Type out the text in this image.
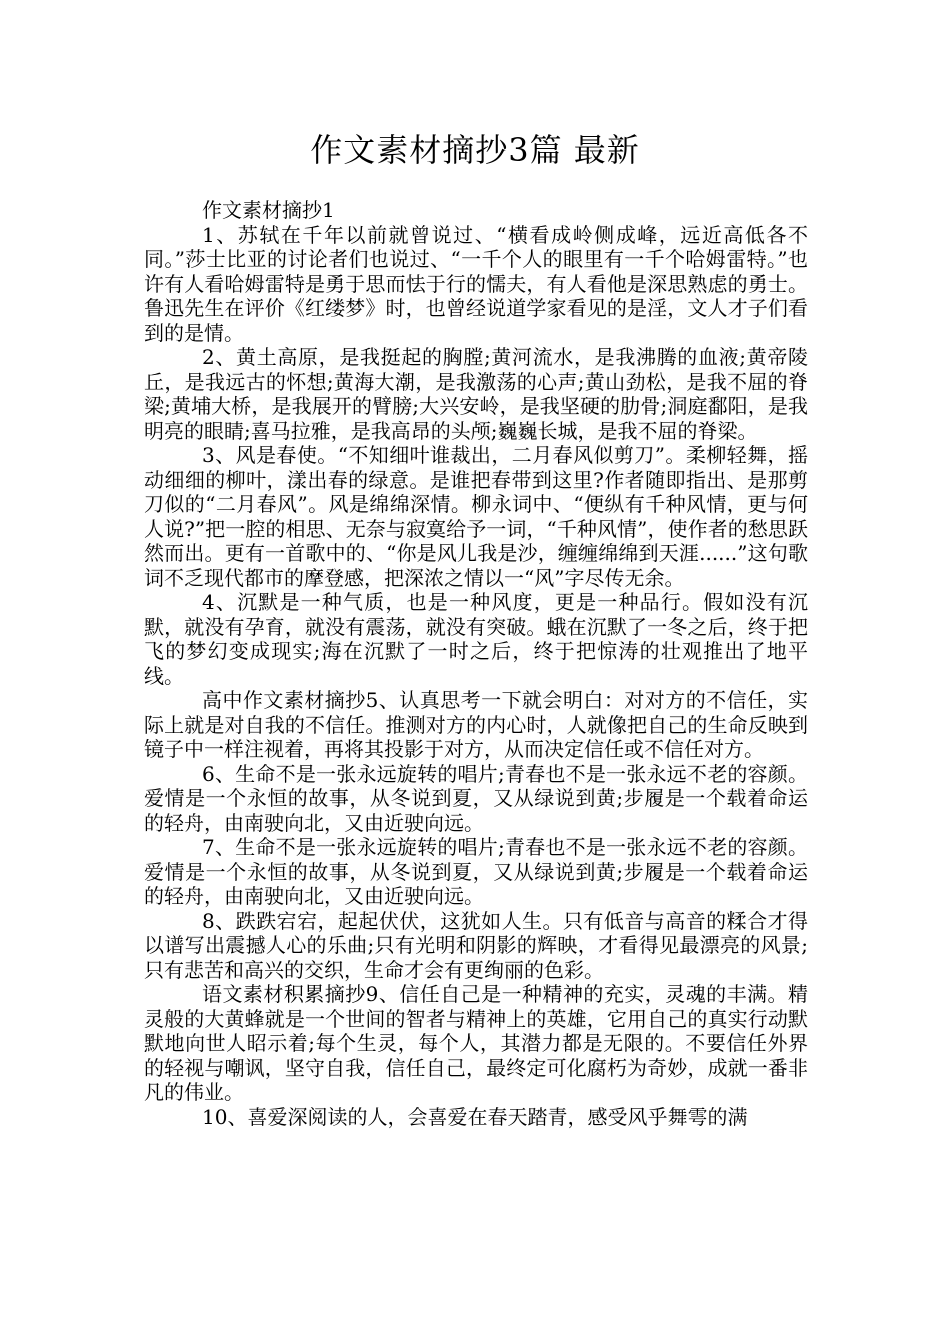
作文素材摘抄3篇 最新

作文素材摘抄1

1、苏轼在千年以前就曾说过、“横看成岭侧成峰，远近高低各不同。”莎士比亚的讨论者们也说过、“一千个人的眼里有一千个哈姆雷特。”也许有人看哈姆雷特是勇于思而怯于行的懦夫，有人看他是深思熟虑的勇士。鲁迅先生在评价《红缕梦》时，也曾经说道学家看见的是淫，文人才子们看到的是情。

2、黄土高原，是我挺起的胸膛;黄河流水，是我沸腾的血液;黄帝陵丘，是我远古的怀想;黄海大潮，是我激荡的心声;黄山劲松，是我不屈的脊梁;黄埔大桥，是我展开的臂膀;大兴安岭，是我坚硬的肋骨;洞庭鄱阳，是我明亮的眼睛;喜马拉雅，是我高昂的头颅;巍巍长城，是我不屈的脊梁。

3、风是春使。“不知细叶谁裁出，二月春风似剪刀”。柔柳轻舞，摇动细细的柳叶，漾出春的绿意。是谁把春带到这里?作者随即指出、是那剪刀似的“二月春风”。风是绵绵深情。柳永词中、“便纵有千种风情，更与何人说?”把一腔的相思、无奈与寂寞给予一词，“千种风情”，使作者的愁思跃然而出。更有一首歌中的、“你是风儿我是沙，缠缠绵绵到天涯......”这句歌词不乏现代都市的摩登感，把深浓之情以一“风”字尽传无余。

4、沉默是一种气质，也是一种风度，更是一种品行。假如没有沉默，就没有孕育，就没有震荡，就没有突破。蛾在沉默了一冬之后，终于把飞的梦幻变成现实;海在沉默了一时之后，终于把惊涛的壮观推出了地平线。

高中作文素材摘抄5、认真思考一下就会明白：对对方的不信任，实际上就是对自我的不信任。推测对方的内心时，人就像把自己的生命反映到镜子中一样注视着，再将其投影于对方，从而决定信任或不信任对方。

6、生命不是一张永远旋转的唱片;青春也不是一张永远不老的容颜。爱情是一个永恒的故事，从冬说到夏，又从绿说到黄;步履是一个载着命运的轻舟，由南驶向北，又由近驶向远。

7、生命不是一张永远旋转的唱片;青春也不是一张永远不老的容颜。爱情是一个永恒的故事，从冬说到夏，又从绿说到黄;步履是一个载着命运的轻舟，由南驶向北，又由近驶向远。

8、跌跌宕宕，起起伏伏，这犹如人生。只有低音与高音的糅合才得以谱写出震撼人心的乐曲;只有光明和阴影的辉映，才看得见最漂亮的风景;只有悲苦和高兴的交织，生命才会有更绚丽的色彩。

语文素材积累摘抄9、信任自己是一种精神的充实，灵魂的丰满。精灵般的大黄蜂就是一个世间的智者与精神上的英雄，它用自己的真实行动默默地向世人昭示着;每个生灵，每个人，其潜力都是无限的。不要信任外界的轻视与嘲讽，坚守自我，信任自己，最终定可化腐朽为奇妙，成就一番非凡的伟业。

10、喜爱深阅读的人，会喜爱在春天踏青，感受风乎舞雩的满
